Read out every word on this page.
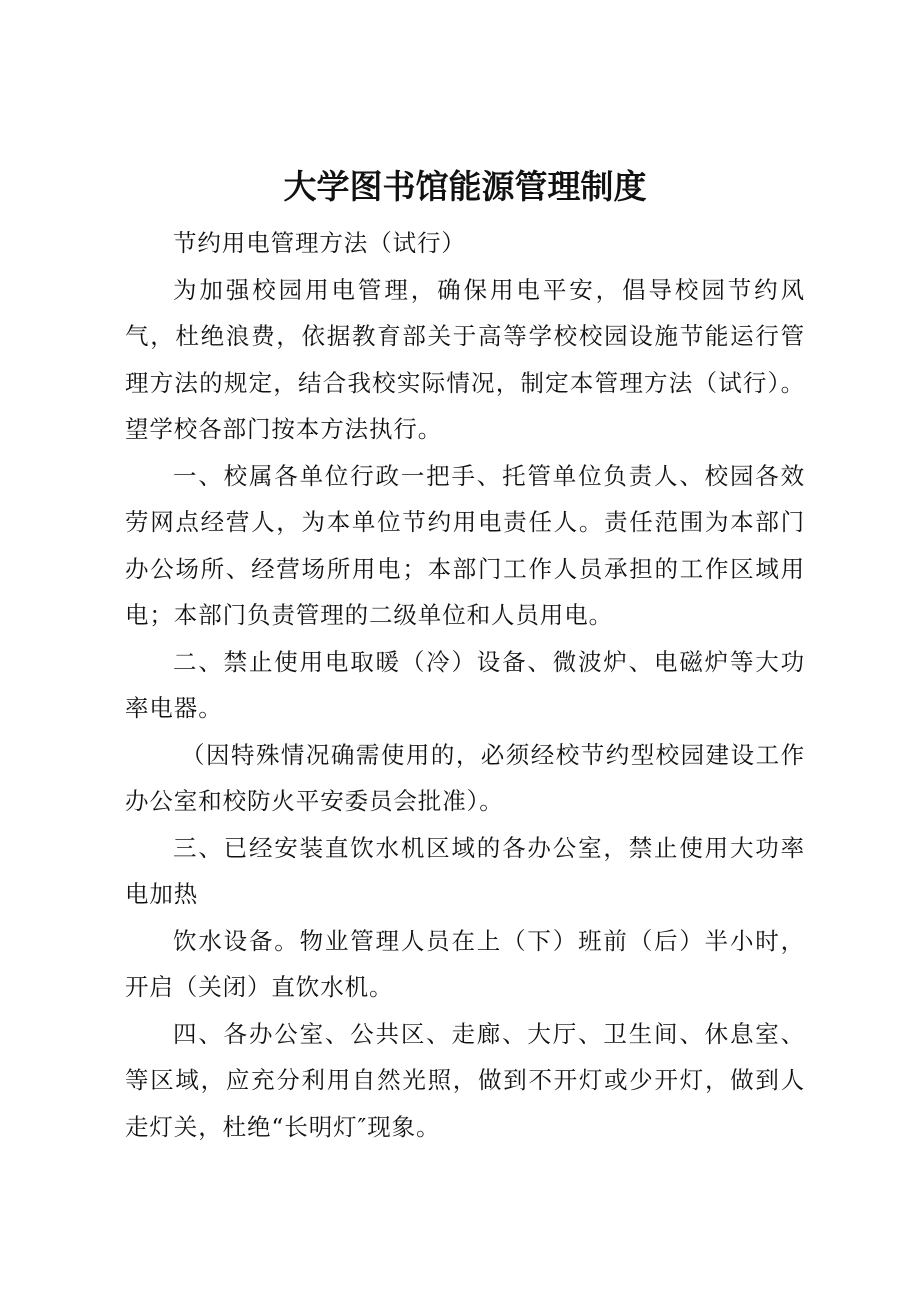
大学图书馆能源管理制度

节约用电管理方法（试行）

为加强校园用电管理，确保用电平安，倡导校园节约风气，杜绝浪费，依据教育部关于高等学校校园设施节能运行管理方法的规定，结合我校实际情况，制定本管理方法（试行）。望学校各部门按本方法执行。

一、校属各单位行政一把手、托管单位负责人、校园各效劳网点经营人，为本单位节约用电责任人。责任范围为本部门办公场所、经营场所用电；本部门工作人员承担的工作区域用电；本部门负责管理的二级单位和人员用电。

二、禁止使用电取暖（冷）设备、微波炉、电磁炉等大功率电器。

（因特殊情况确需使用的，必须经校节约型校园建设工作办公室和校防火平安委员会批准）。

三、已经安装直饮水机区域的各办公室，禁止使用大功率电加热

饮水设备。物业管理人员在上（下）班前（后）半小时，开启（关闭）直饮水机。

四、各办公室、公共区、走廊、大厅、卫生间、休息室、等区域，应充分利用自然光照，做到不开灯或少开灯，做到人走灯关，杜绝“长明灯″现象。
